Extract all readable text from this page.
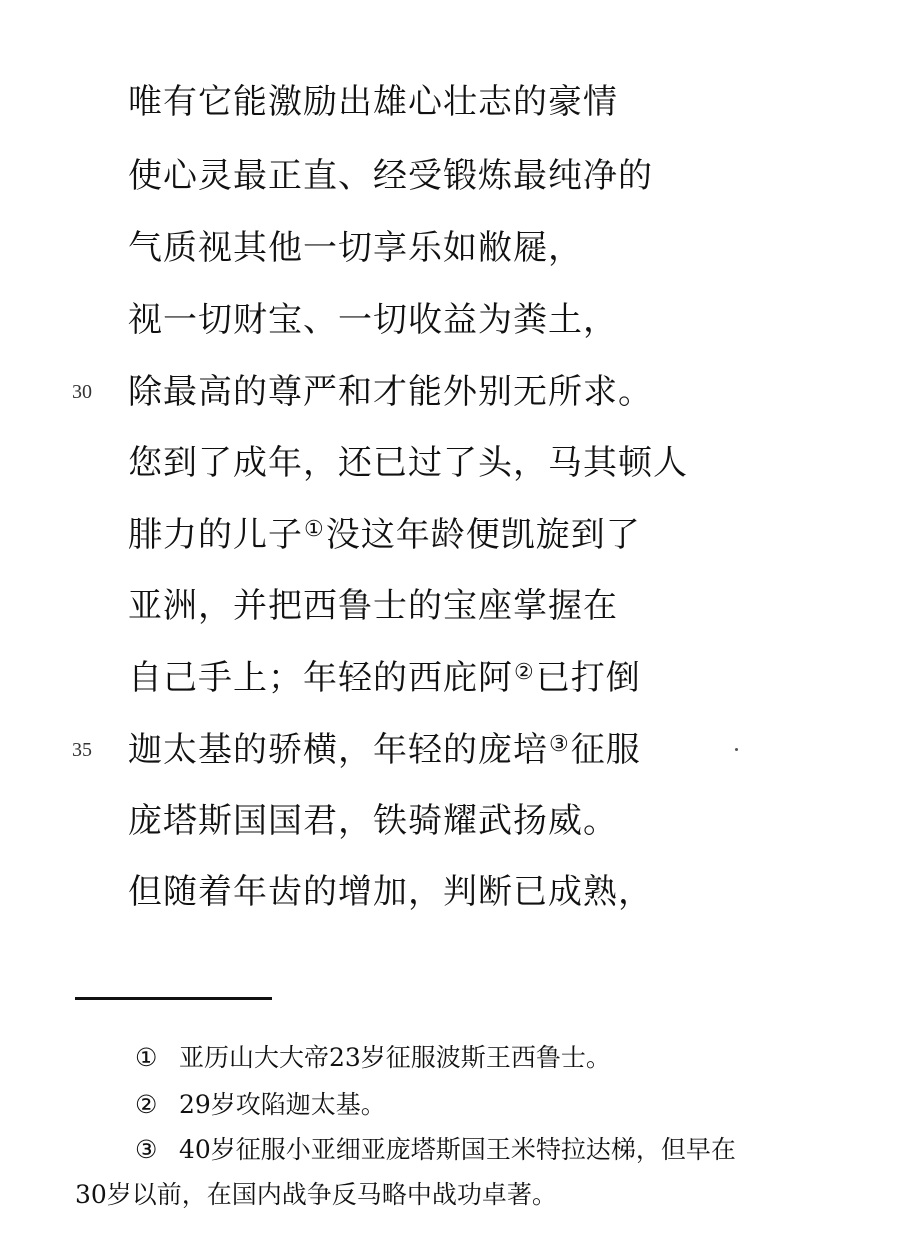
唯有它能激励出雄心壮志的豪情
使心灵最正直、经受锻炼最纯净的
气质视其他一切享乐如敝屣，
视一切财宝、一切收益为粪土，
30 除最高的尊严和才能外别无所求。
您到了成年，还已过了头，马其顿人
腓力的儿子①没这年龄便凯旋到了
亚洲，并把西鲁士的宝座掌握在
自己手上；年轻的西庇阿②已打倒
35 迦太基的骄横，年轻的庞培③征服
庞塔斯国国君，铁骑耀武扬威。
但随着年齿的增加，判断已成熟，
① 亚历山大大帝23岁征服波斯王西鲁士。
② 29岁攻陷迦太基。
③ 40岁征服小亚细亚庞塔斯国王米特拉达梯，但早在
30岁以前，在国内战争反马略中战功卓著。
